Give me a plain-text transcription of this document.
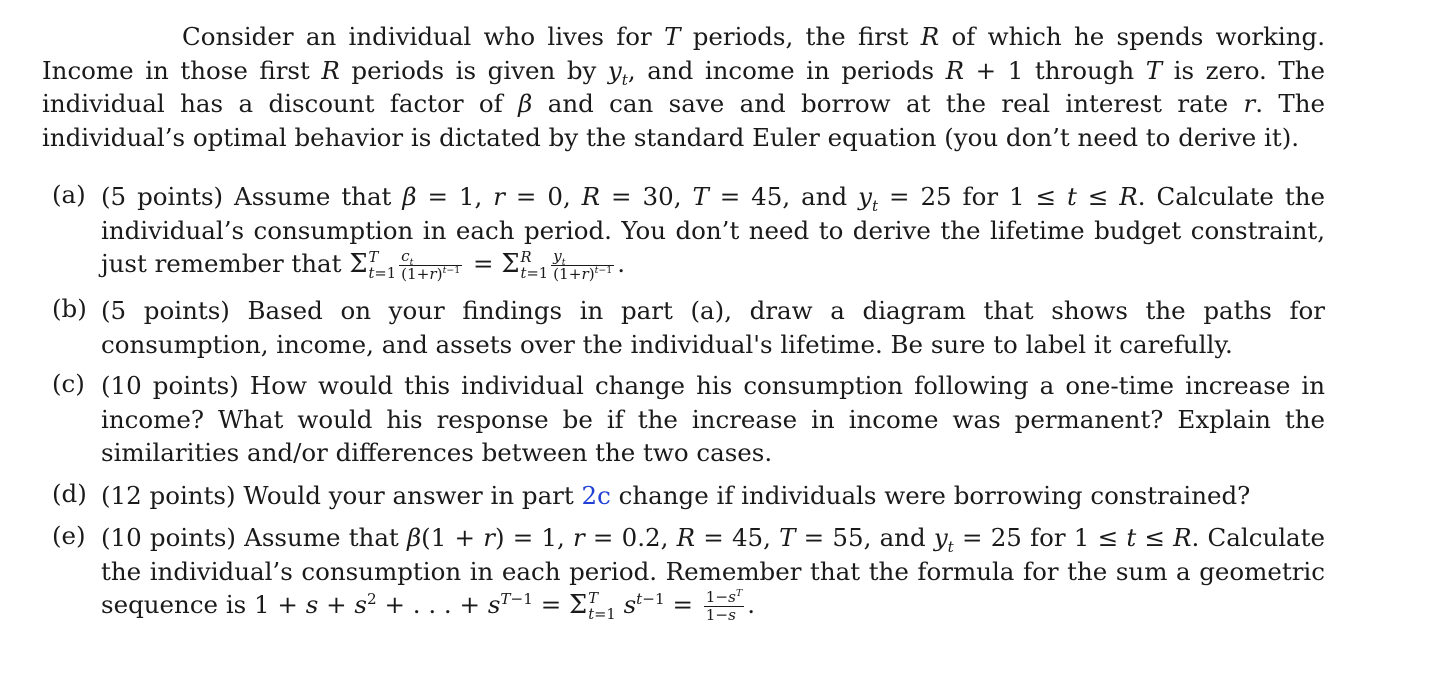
Consider an individual who lives for T periods, the first R of which he spends working. Income in those first R periods is given by $y_t$, and income in periods R + 1 through T is zero. The individual has a discount factor of β and can save and borrow at the real interest rate r. The individual’s optimal behavior is dictated by the standard Euler equation (you don’t need to derive it).
(a) (5 points) Assume that β = 1, r = 0, R = 30, T = 45, and $y_t = 25$ for 1 ≤ t ≤ R. Calculate the individual’s consumption in each period. You don’t need to derive the lifetime budget constraint, just remember that Σ T
$t=1 \frac{c_t}{(1+r)^{t-1}} = \Sigma$ R
$t=1 \frac{y_t}{(1+r)^{t-1}}$ .
(b) (5 points) Based on your findings in part (a), draw a diagram that shows the paths for consumption, income, and assets over the individual's lifetime. Be sure to label it carefully.
(c) (10 points) How would this individual change his consumption following a one-time increase in income? What would his response be if the increase in income was permanent? Explain the similarities and/or differences between the two cases.
(d) (12 points) Would your answer in part 2c change if individuals were borrowing constrained?
(e) (10 points) Assume that β(1 + r) = 1, r = 0.2, R = 45, T = 55, and $y_t = 25$ for 1 ≤ t ≤ R. Calculate the individual’s consumption in each period. Remember that the formula for the sum a geometric sequence is $1 + s + s^2$ + . . . + $s^{T-1} = \Sigma$ T
t=1 $s^{t-1} = \frac{1-s^T}{1-s}$ .
